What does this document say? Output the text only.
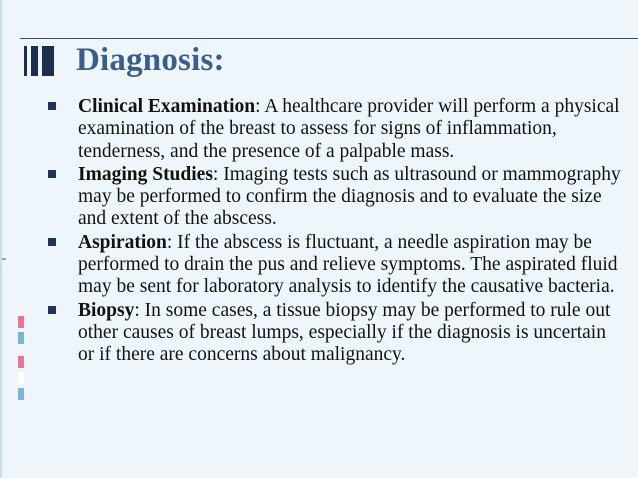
Diagnosis:
Clinical Examination: A healthcare provider will perform a physical examination of the breast to assess for signs of inflammation, tenderness, and the presence of a palpable mass.
Imaging Studies: Imaging tests such as ultrasound or mammography may be performed to confirm the diagnosis and to evaluate the size and extent of the abscess.
Aspiration: If the abscess is fluctuant, a needle aspiration may be performed to drain the pus and relieve symptoms. The aspirated fluid may be sent for laboratory analysis to identify the causative bacteria.
Biopsy: In some cases, a tissue biopsy may be performed to rule out other causes of breast lumps, especially if the diagnosis is uncertain or if there are concerns about malignancy.
